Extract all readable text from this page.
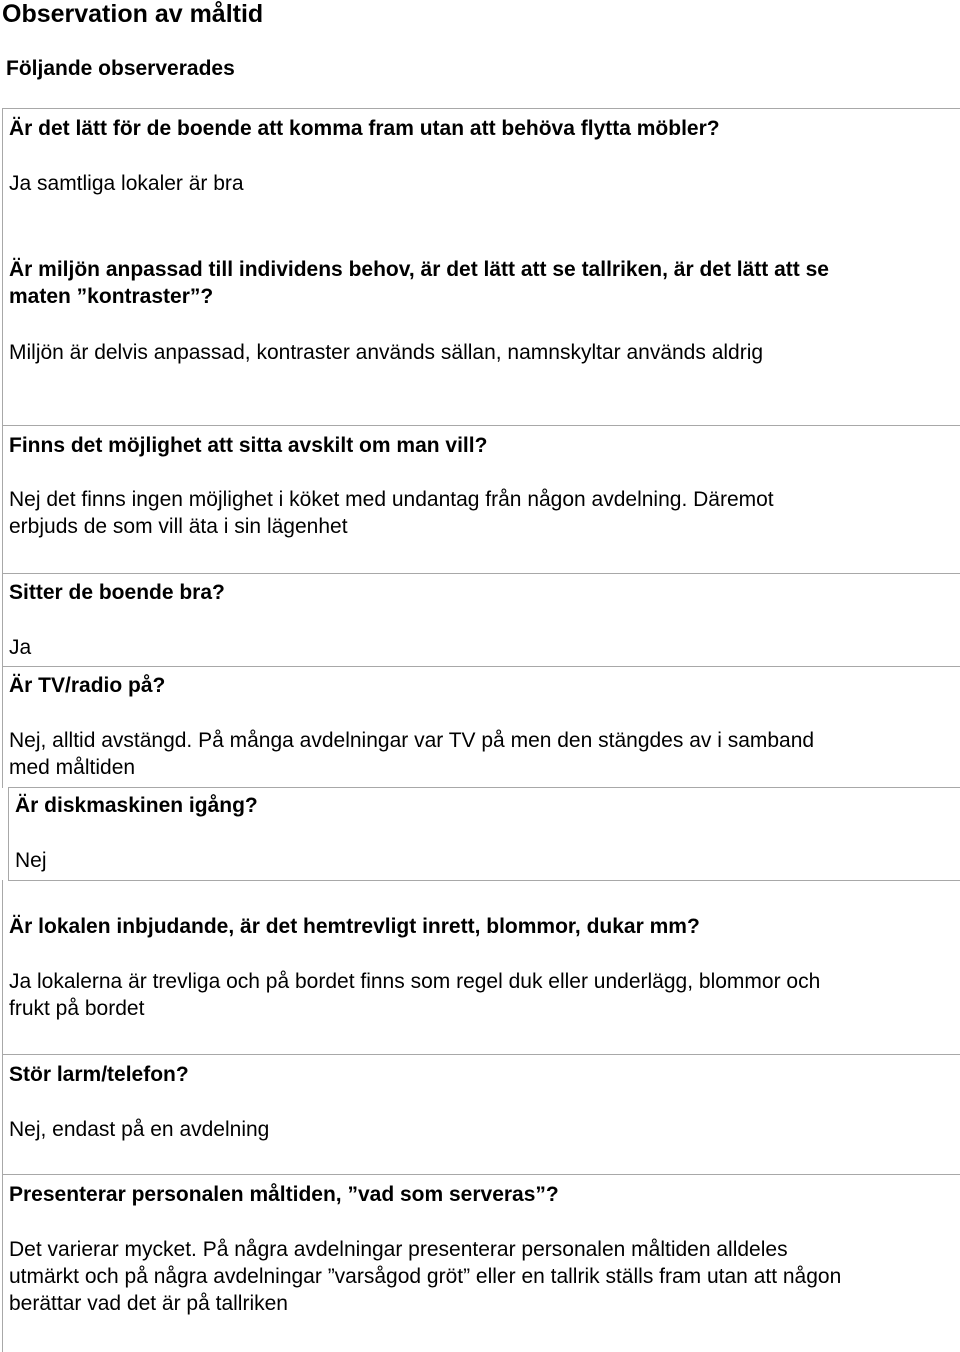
Observation av måltid
Följande observerades
Är det lätt för de boende att komma fram utan att behöva flytta möbler?
Ja samtliga lokaler är bra
Är miljön anpassad till individens behov, är det lätt att se tallriken, är det lätt att se
maten ”kontraster”?
Miljön är delvis anpassad, kontraster används sällan, namnskyltar används aldrig
Finns det möjlighet att sitta avskilt om man vill?
Nej det finns ingen möjlighet i köket med undantag från någon avdelning. Däremot
erbjuds de som vill äta i sin lägenhet
Sitter de boende bra?
Ja
Är TV/radio på?
Nej, alltid avstängd. På många avdelningar var TV på men den stängdes av i samband
med måltiden
Är diskmaskinen igång?
Nej
Är lokalen inbjudande, är det hemtrevligt inrett, blommor, dukar mm?
Ja lokalerna är trevliga och på bordet finns som regel duk eller underlägg, blommor och
frukt på bordet
Stör larm/telefon?
Nej, endast på en avdelning
Presenterar personalen måltiden, ”vad som serveras”?
Det varierar mycket. På några avdelningar presenterar personalen måltiden alldeles
utmärkt och på några avdelningar ”varsågod gröt” eller en tallrik ställs fram utan att någon
berättar vad det är på tallriken
